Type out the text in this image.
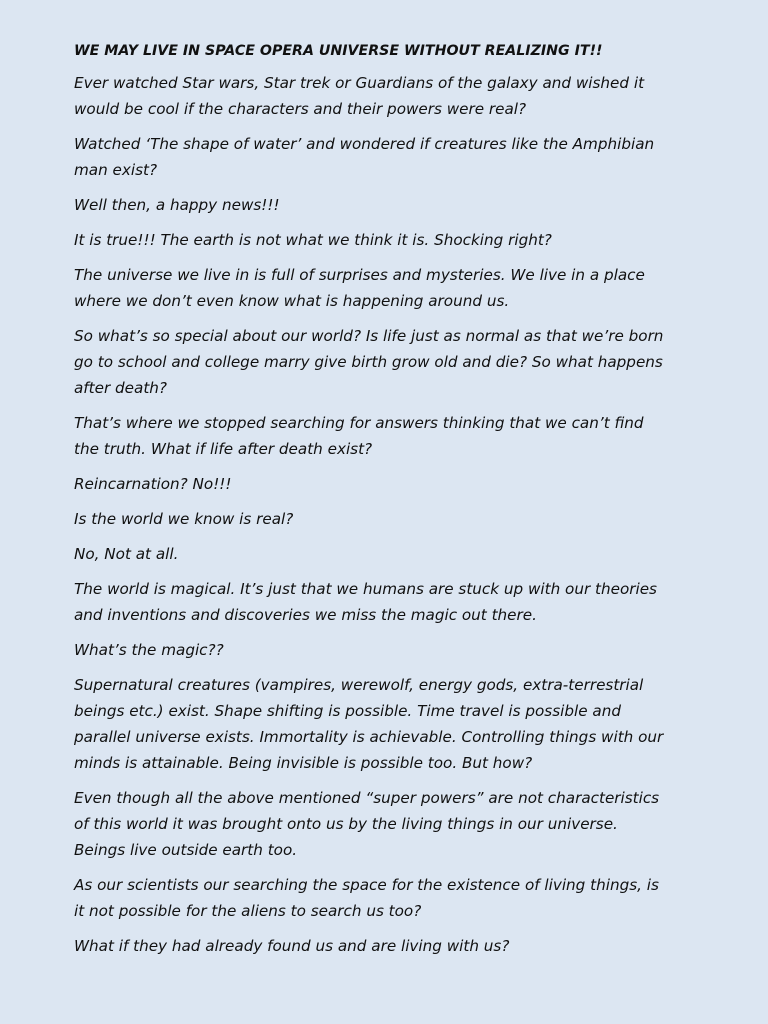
WE MAY LIVE IN SPACE OPERA UNIVERSE WITHOUT REALIZING IT!!
Ever watched Star wars, Star trek or Guardians of the galaxy and wished it
would be cool if the characters and their powers were real?
Watched ‘The shape of water’ and wondered if creatures like the Amphibian
man exist?
Well then, a happy news!!!
It is true!!! The earth is not what we think it is. Shocking right?
The universe we live in is full of surprises and mysteries. We live in a place
where we don’t even know what is happening around us.
So what’s so special about our world? Is life just as normal as that we’re born
go to school and college marry give birth grow old and die? So what happens
after death?
That’s where we stopped searching for answers thinking that we can’t find
the truth. What if life after death exist?
Reincarnation? No!!!
Is the world we know is real?
No, Not at all.
The world is magical. It’s just that we humans are stuck up with our theories
and inventions and discoveries we miss the magic out there.
What’s the magic??
Supernatural creatures (vampires, werewolf, energy gods, extra-terrestrial
beings etc.) exist. Shape shifting is possible. Time travel is possible and
parallel universe exists. Immortality is achievable. Controlling things with our
minds is attainable. Being invisible is possible too. But how?
Even though all the above mentioned “super powers” are not characteristics
of this world it was brought onto us by the living things in our universe.
Beings live outside earth too.
As our scientists our searching the space for the existence of living things, is
it not possible for the aliens to search us too?
What if they had already found us and are living with us?
